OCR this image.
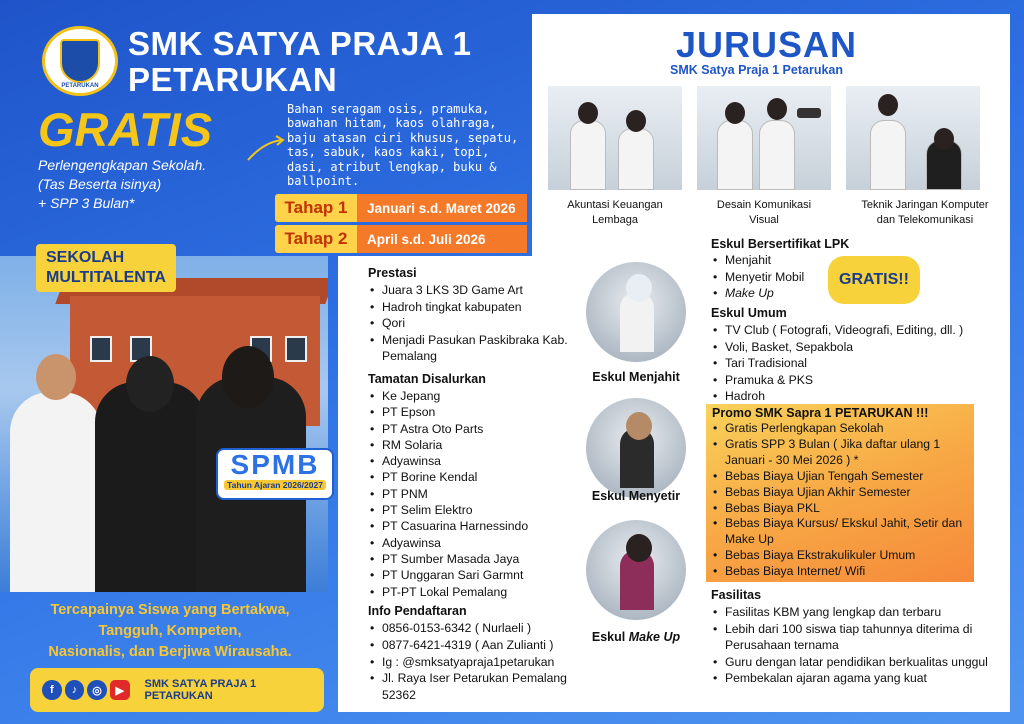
PETARUKAN
SMK SATYA PRAJA 1
PETARUKAN
GRATIS
Perlengengkapan Sekolah.
(Tas Beserta isinya)
+ SPP 3 Bulan*
Bahan seragam osis, pramuka, bawahan hitam, kaos olahraga, baju atasan ciri khusus, sepatu, tas, sabuk, kaos kaki, topi, dasi, atribut lengkap, buku & ballpoint.
Tahap 1	Januari s.d. Maret 2026
Tahap 2	April s.d. Juli 2026
SEKOLAH
MULTITALENTA
SPMB
Tahun Ajaran 2026/2027
Tercapainya Siswa yang Bertakwa,
Tangguh, Kompeten,
Nasionalis, dan Berjiwa Wirausaha.
f	♪	◎	▶
SMK SATYA PRAJA 1 PETARUKAN
JURUSAN
SMK Satya Praja 1 Petarukan
Akuntasi Keuangan
Lembaga
Desain Komunikasi
Visual
Teknik Jaringan Komputer
dan Telekomunikasi
Prestasi
• Juara 3 LKS 3D Game Art
• Hadroh tingkat kabupaten
• Qori
• Menjadi Pasukan Paskibraka Kab. Pemalang
Tamatan Disalurkan
• Ke Jepang
• PT Epson
• PT Astra Oto Parts
• RM Solaria
• Adyawinsa
• PT Borine Kendal
• PT PNM
• PT Selim Elektro
• PT Casuarina Harnessindo
• Adyawinsa
• PT Sumber Masada Jaya
• PT Unggaran Sari Garmnt
• PT-PT Lokal Pemalang
Info Pendaftaran
• 0856-0153-6342 ( Nurlaeli )
• 0877-6421-4319 ( Aan Zulianti )
• Ig : @smksatyapraja1petarukan
• Jl. Raya Iser Petarukan Pemalang 52362
Eskul Menjahit
Eskul Menyetir
Eskul Make Up
Eskul Bersertifikat LPK
• Menjahit
• Menyetir Mobil
• Make Up
GRATIS!!
Eskul Umum
• TV Club ( Fotografi, Videografi, Editing, dll. )
• Voli, Basket, Sepakbola
• Tari Tradisional
• Pramuka & PKS
• Hadroh
Promo SMK Sapra 1 PETARUKAN !!!
• Gratis Perlengkapan Sekolah
• Gratis SPP 3 Bulan ( Jika daftar ulang 1 Januari - 30 Mei 2026 ) *
• Bebas Biaya Ujian Tengah Semester
• Bebas Biaya Ujian Akhir Semester
• Bebas Biaya PKL
• Bebas Biaya Kursus/ Ekskul Jahit, Setir dan Make Up
• Bebas Biaya Ekstrakulikuler Umum
• Bebas Biaya Internet/ Wifi
Fasilitas
• Fasilitas KBM yang lengkap dan terbaru
• Lebih dari 100 siswa tiap tahunnya diterima di Perusahaan ternama
• Guru dengan latar pendidikan berkualitas unggul
• Pembekalan ajaran agama yang kuat
